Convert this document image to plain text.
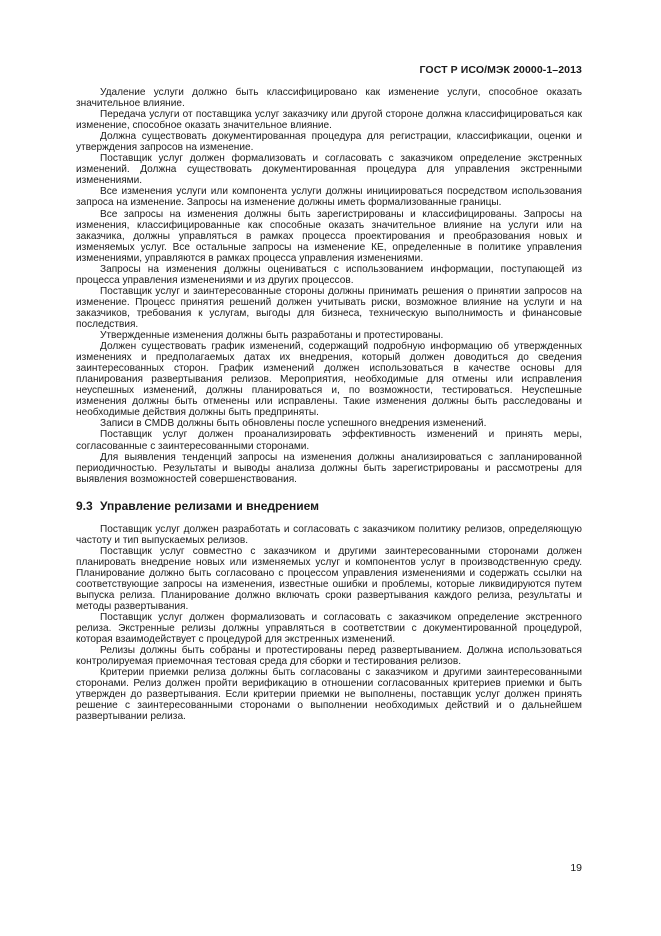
ГОСТ Р ИСО/МЭК 20000-1–2013

Удаление услуги должно быть классифицировано как изменение услуги, способное оказать значительное влияние.

Передача услуги от поставщика услуг заказчику или другой стороне должна классифицироваться как изменение, способное оказать значительное влияние.

Должна существовать документированная процедура для регистрации, классификации, оценки и утверждения запросов на изменение.

Поставщик услуг должен формализовать и согласовать с заказчиком определение экстренных изменений. Должна существовать документированная процедура для управления экстренными изменениями.

Все изменения услуги или компонента услуги должны инициироваться посредством использования запроса на изменение. Запросы на изменение должны иметь формализованные границы.

Все запросы на изменения должны быть зарегистрированы и классифицированы. Запросы на изменения, классифицированные как способные оказать значительное влияние на услуги или на заказчика, должны управляться в рамках процесса проектирования и преобразования новых и изменяемых услуг. Все остальные запросы на изменение КЕ, определенные в политике управления изменениями, управляются в рамках процесса управления изменениями.

Запросы на изменения должны оцениваться с использованием информации, поступающей из процесса управления изменениями и из других процессов.

Поставщик услуг и заинтересованные стороны должны принимать решения о принятии запросов на изменение. Процесс принятия решений должен учитывать риски, возможное влияние на услуги и на заказчиков, требования к услугам, выгоды для бизнеса, техническую выполнимость и финансовые последствия.

Утвержденные изменения должны быть разработаны и протестированы.

Должен существовать график изменений, содержащий подробную информацию об утвержденных изменениях и предполагаемых датах их внедрения, который должен доводиться до сведения заинтересованных сторон. График изменений должен использоваться в качестве основы для планирования развертывания релизов. Мероприятия, необходимые для отмены или исправления неуспешных изменений, должны планироваться и, по возможности, тестироваться. Неуспешные изменения должны быть отменены или исправлены. Такие изменения должны быть расследованы и необходимые действия должны быть предприняты.

Записи в CMDB должны быть обновлены после успешного внедрения изменений.

Поставщик услуг должен проанализировать эффективность изменений и принять меры, согласованные с заинтересованными сторонами.

Для выявления тенденций запросы на изменения должны анализироваться с запланированной периодичностью. Результаты и выводы анализа должны быть зарегистрированы и рассмотрены для выявления возможностей совершенствования.

9.3 Управление релизами и внедрением

Поставщик услуг должен разработать и согласовать с заказчиком политику релизов, определяющую частоту и тип выпускаемых релизов.

Поставщик услуг совместно с заказчиком и другими заинтересованными сторонами должен планировать внедрение новых или изменяемых услуг и компонентов услуг в производственную среду. Планирование должно быть согласовано с процессом управления изменениями и содержать ссылки на соответствующие запросы на изменения, известные ошибки и проблемы, которые ликвидируются путем выпуска релиза. Планирование должно включать сроки развертывания каждого релиза, результаты и методы развертывания.

Поставщик услуг должен формализовать и согласовать с заказчиком определение экстренного релиза. Экстренные релизы должны управляться в соответствии с документированной процедурой, которая взаимодействует с процедурой для экстренных изменений.

Релизы должны быть собраны и протестированы перед развертыванием. Должна использоваться контролируемая приемочная тестовая среда для сборки и тестирования релизов.

Критерии приемки релиза должны быть согласованы с заказчиком и другими заинтересованными сторонами. Релиз должен пройти верификацию в отношении согласованных критериев приемки и быть утвержден до развертывания. Если критерии приемки не выполнены, поставщик услуг должен принять решение с заинтересованными сторонами о выполнении необходимых действий и о дальнейшем развертывании релиза.

19
